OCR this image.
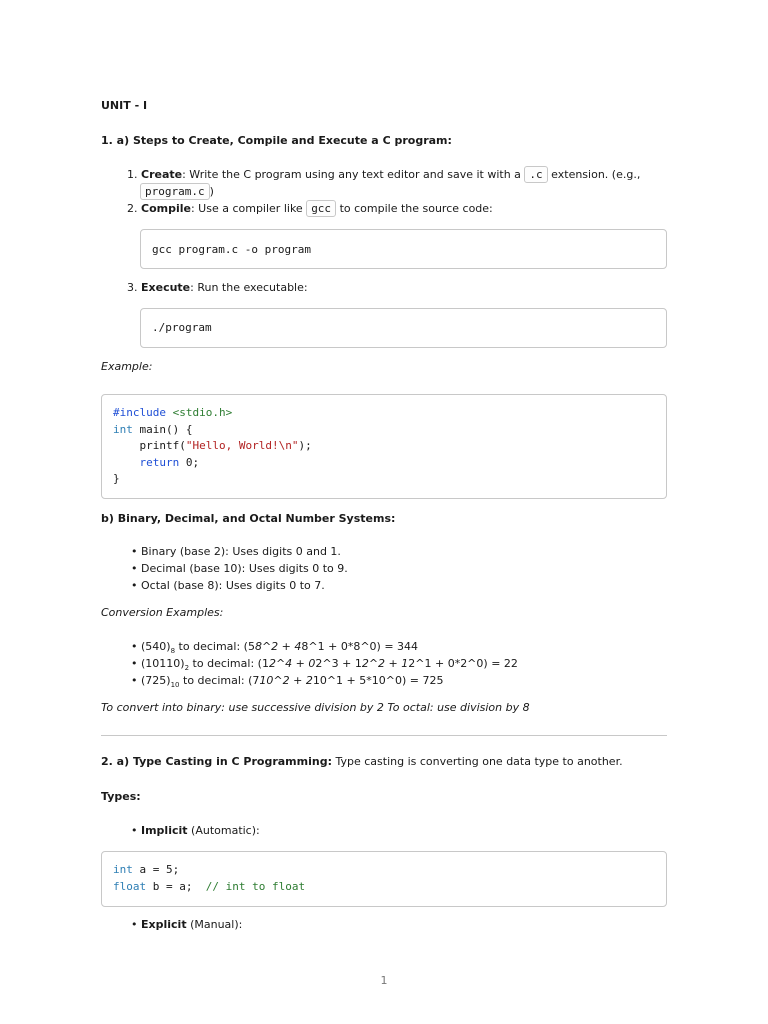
UNIT - I
1. a) Steps to Create, Compile and Execute a C program:
1. Create: Write the C program using any text editor and save it with a .c extension. (e.g.,
program.c )
2. Compile: Use a compiler like gcc to compile the source code:
gcc program.c -o program
3. Execute: Run the executable:
./program
Example:
#include <stdio.h>
int main() {
printf("Hello, World!\n");
return 0;
}
b) Binary, Decimal, and Octal Number Systems:
• Binary (base 2): Uses digits 0 and 1.
• Decimal (base 10): Uses digits 0 to 9.
• Octal (base 8): Uses digits 0 to 7.
Conversion Examples:
• $(540)_8$ to decimal: (58^2 + 48^1 + 0*8^0) = 344
• $(10110)_2$ to decimal: (12^4 + 02^3 + 12^2 + 12^1 + 0*2^0) = 22
• $(725)_{10}$ to decimal: (710^2 + 210^1 + 5*10^0) = 725
To convert into binary: use successive division by 2 To octal: use division by 8
2. a) Type Casting in C Programming: Type casting is converting one data type to another.
Types:
• Implicit (Automatic):
int a = 5;
float b = a;  // int to float
• Explicit (Manual):
1
